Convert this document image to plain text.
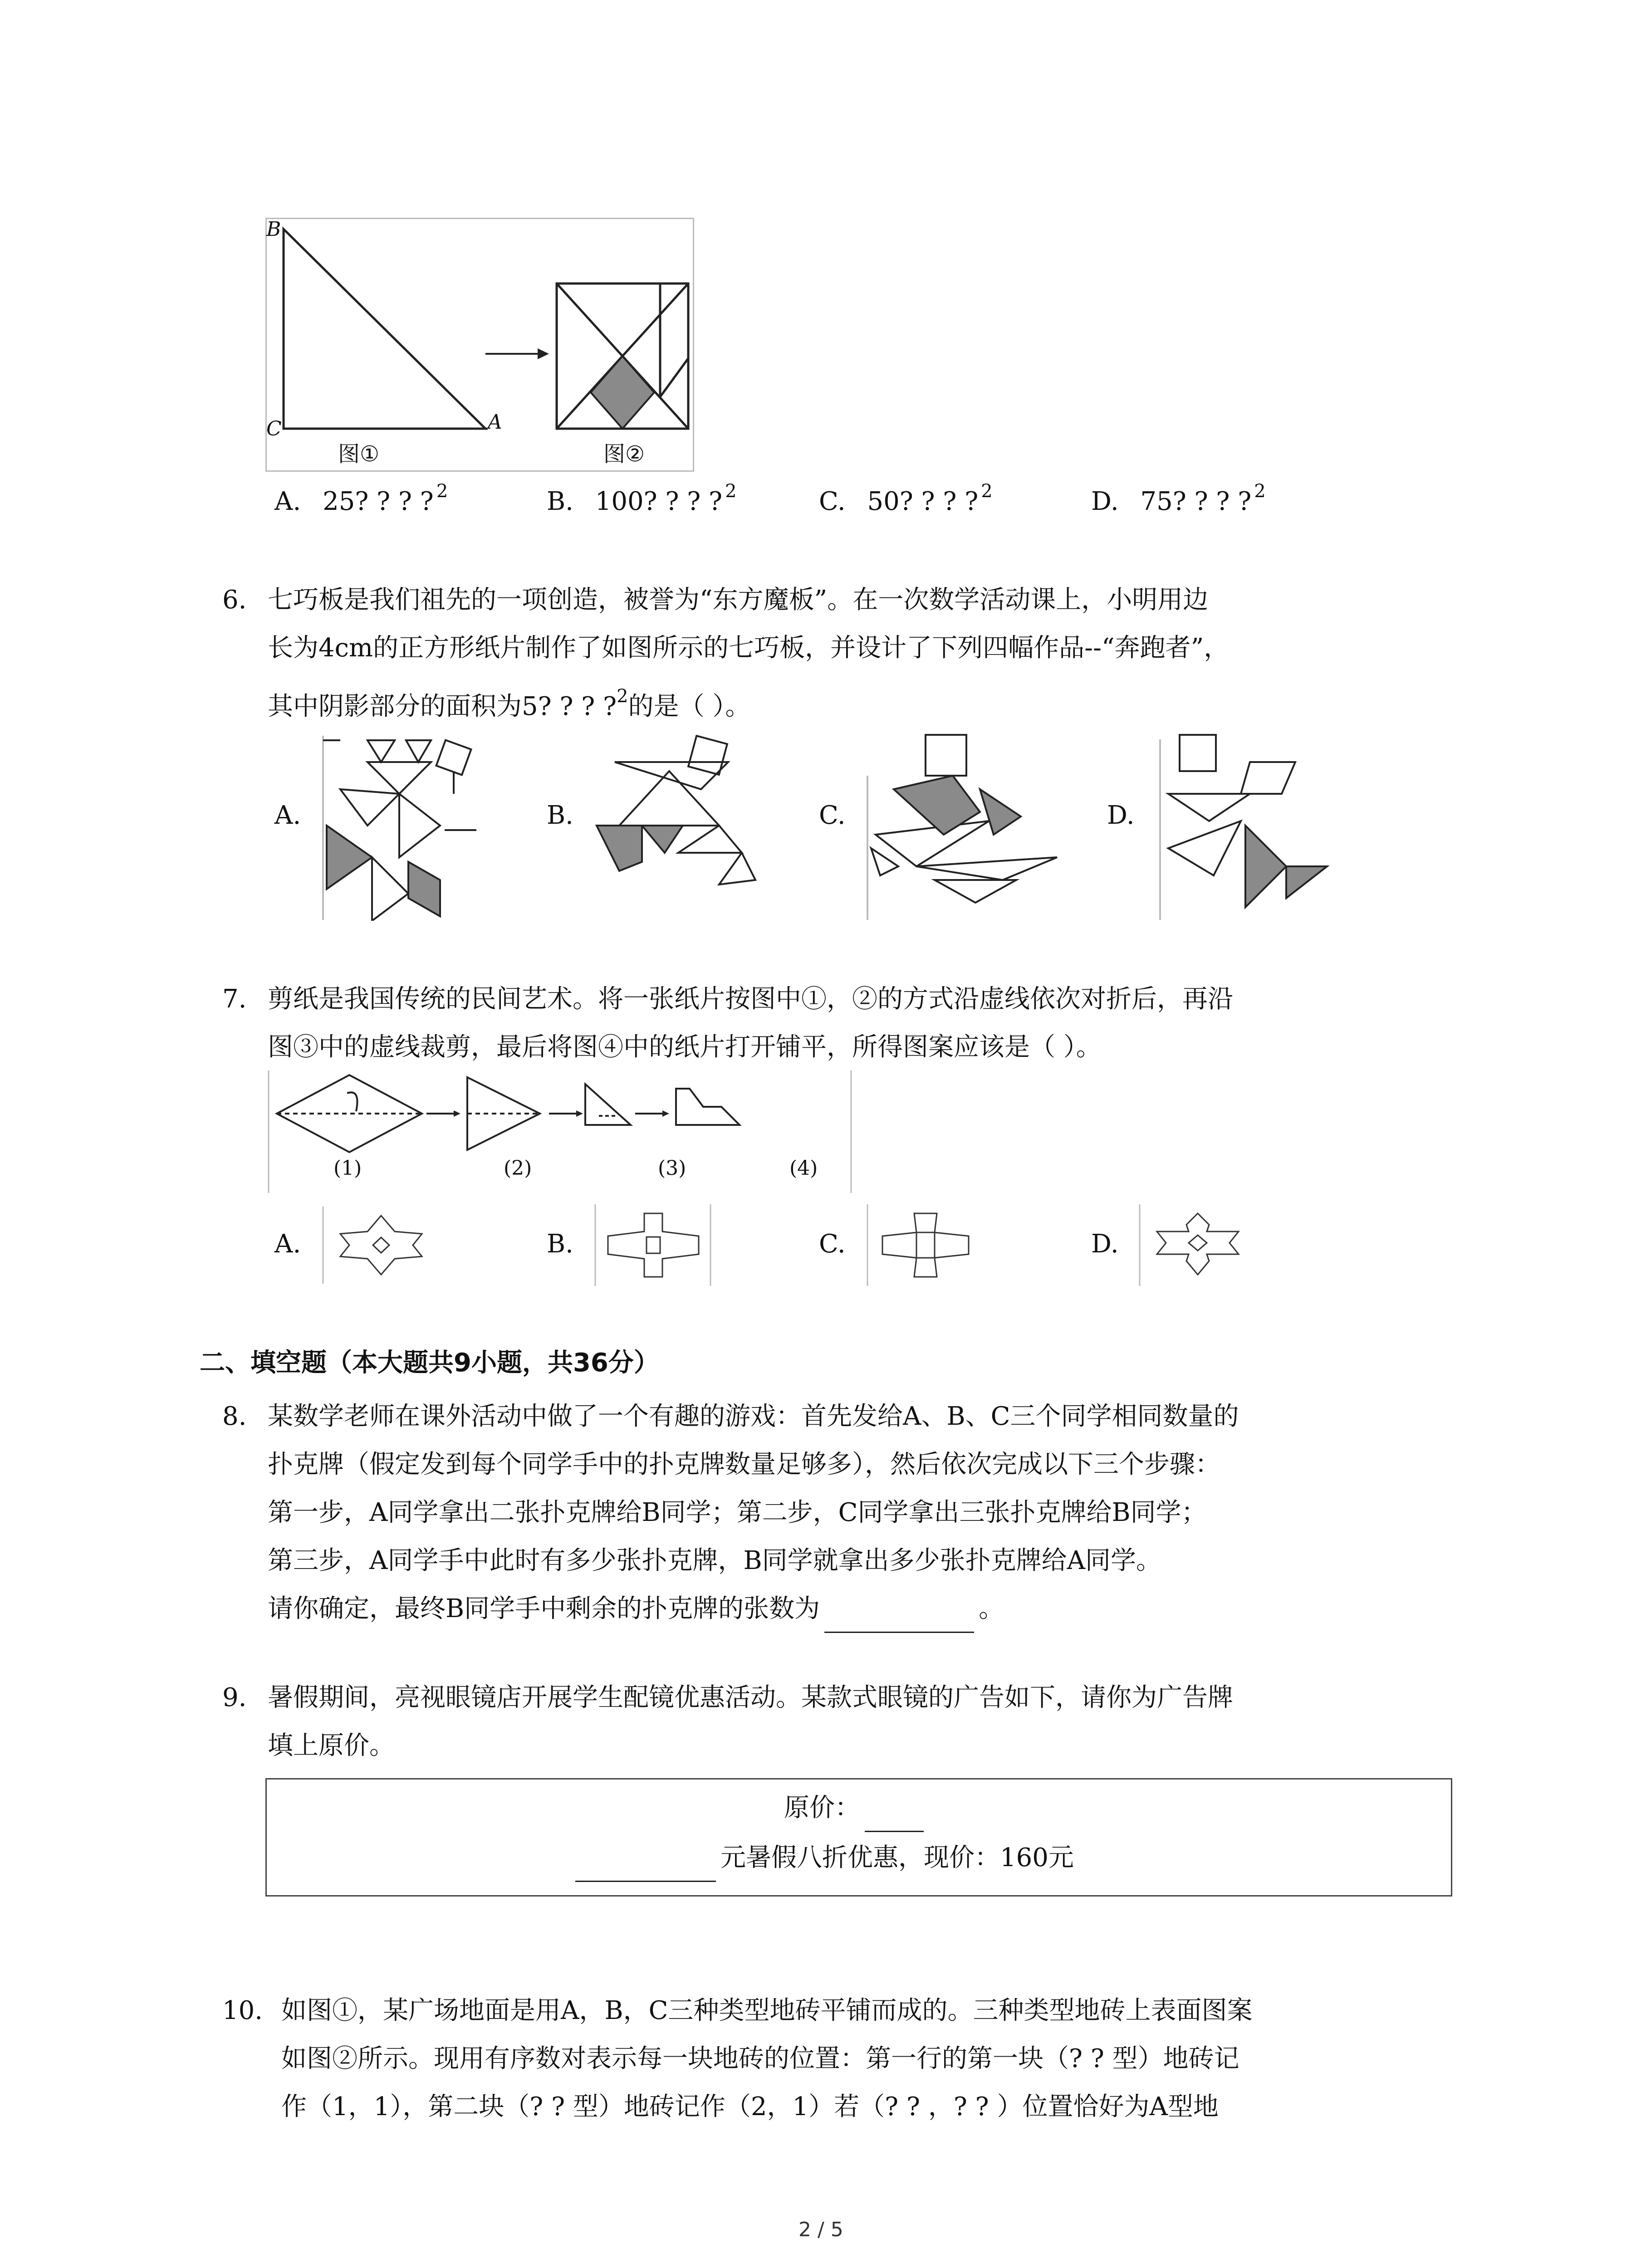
B
C	A
图①	图②
A. 25? ? ? ? $^2$	B. 100? ? ? ? $^2$	C. 50? ? ? ? $^2$	D. 75? ? ? ? $^2$
6. 七巧板是我们祖先的一项创造，被誉为“东方魔板”。在一次数学活动课上，小明用边
长为4cm的正方形纸片制作了如图所示的七巧板，并设计了下列四幅作品--“奔跑者”，
其中阴影部分的面积为5? ? ? ?$^2$的是（ ）。
A.	B.	C.	D.
7. 剪纸是我国传统的民间艺术。将一张纸片按图中①，②的方式沿虚线依次对折后，再沿
图③中的虚线裁剪，最后将图④中的纸片打开铺平，所得图案应该是（ ）。
(1)	(2)	(3)	(4)
A.	B.	C.	D.
二、填空题（本大题共9小题，共36分）
8. 某数学老师在课外活动中做了一个有趣的游戏：首先发给A、B、C三个同学相同数量的
扑克牌（假定发到每个同学手中的扑克牌数量足够多），然后依次完成以下三个步骤：
第一步，A同学拿出二张扑克牌给B同学；第二步，C同学拿出三张扑克牌给B同学；
第三步，A同学手中此时有多少张扑克牌，B同学就拿出多少张扑克牌给A同学。
请你确定，最终B同学手中剩余的扑克牌的张数为	。
9. 暑假期间，亮视眼镜店开展学生配镜优惠活动。某款式眼镜的广告如下，请你为广告牌
填上原价。
原价：
元暑假八折优惠，现价：160元
10. 如图①，某广场地面是用A，B，C三种类型地砖平铺而成的。三种类型地砖上表面图案
如图②所示。现用有序数对表示每一块地砖的位置：第一行的第一块（? ? 型）地砖记
作（1，1），第二块（? ? 型）地砖记作（2，1）若（? ? ，? ? ）位置恰好为A型地
2 / 5
